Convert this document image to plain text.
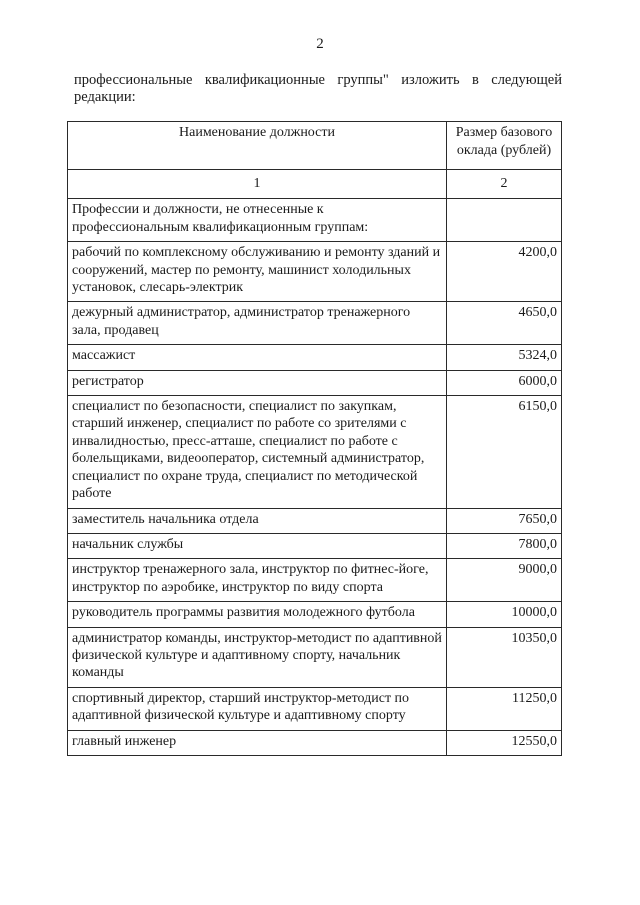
2
профессиональные квалификационные группы" изложить в следующей редакции:
Наименование должности	Размер базового оклада (рублей)
1	2
Профессии и должности, не отнесенные к профессиональным квалификационным группам:	
рабочий по комплексному обслуживанию и ремонту зданий и сооружений, мастер по ремонту, машинист холодильных установок, слесарь-электрик	4200,0
дежурный администратор, администратор тренажерного зала, продавец	4650,0
массажист	5324,0
регистратор	6000,0
специалист по безопасности, специалист по закупкам, старший инженер, специалист по работе со зрителями с инвалидностью, пресс-атташе, специалист по работе с болельщиками, видеооператор, системный администратор, специалист по охране труда, специалист по методической работе	6150,0
заместитель начальника отдела	7650,0
начальник службы	7800,0
инструктор тренажерного зала, инструктор по фитнес-йоге, инструктор по аэробике, инструктор по виду спорта	9000,0
руководитель программы развития молодежного футбола	10000,0
администратор команды, инструктор-методист по адаптивной физической культуре и адаптивному спорту, начальник команды	10350,0
спортивный директор, старший инструктор-методист по адаптивной физической культуре и адаптивному спорту	11250,0
главный инженер	12550,0
